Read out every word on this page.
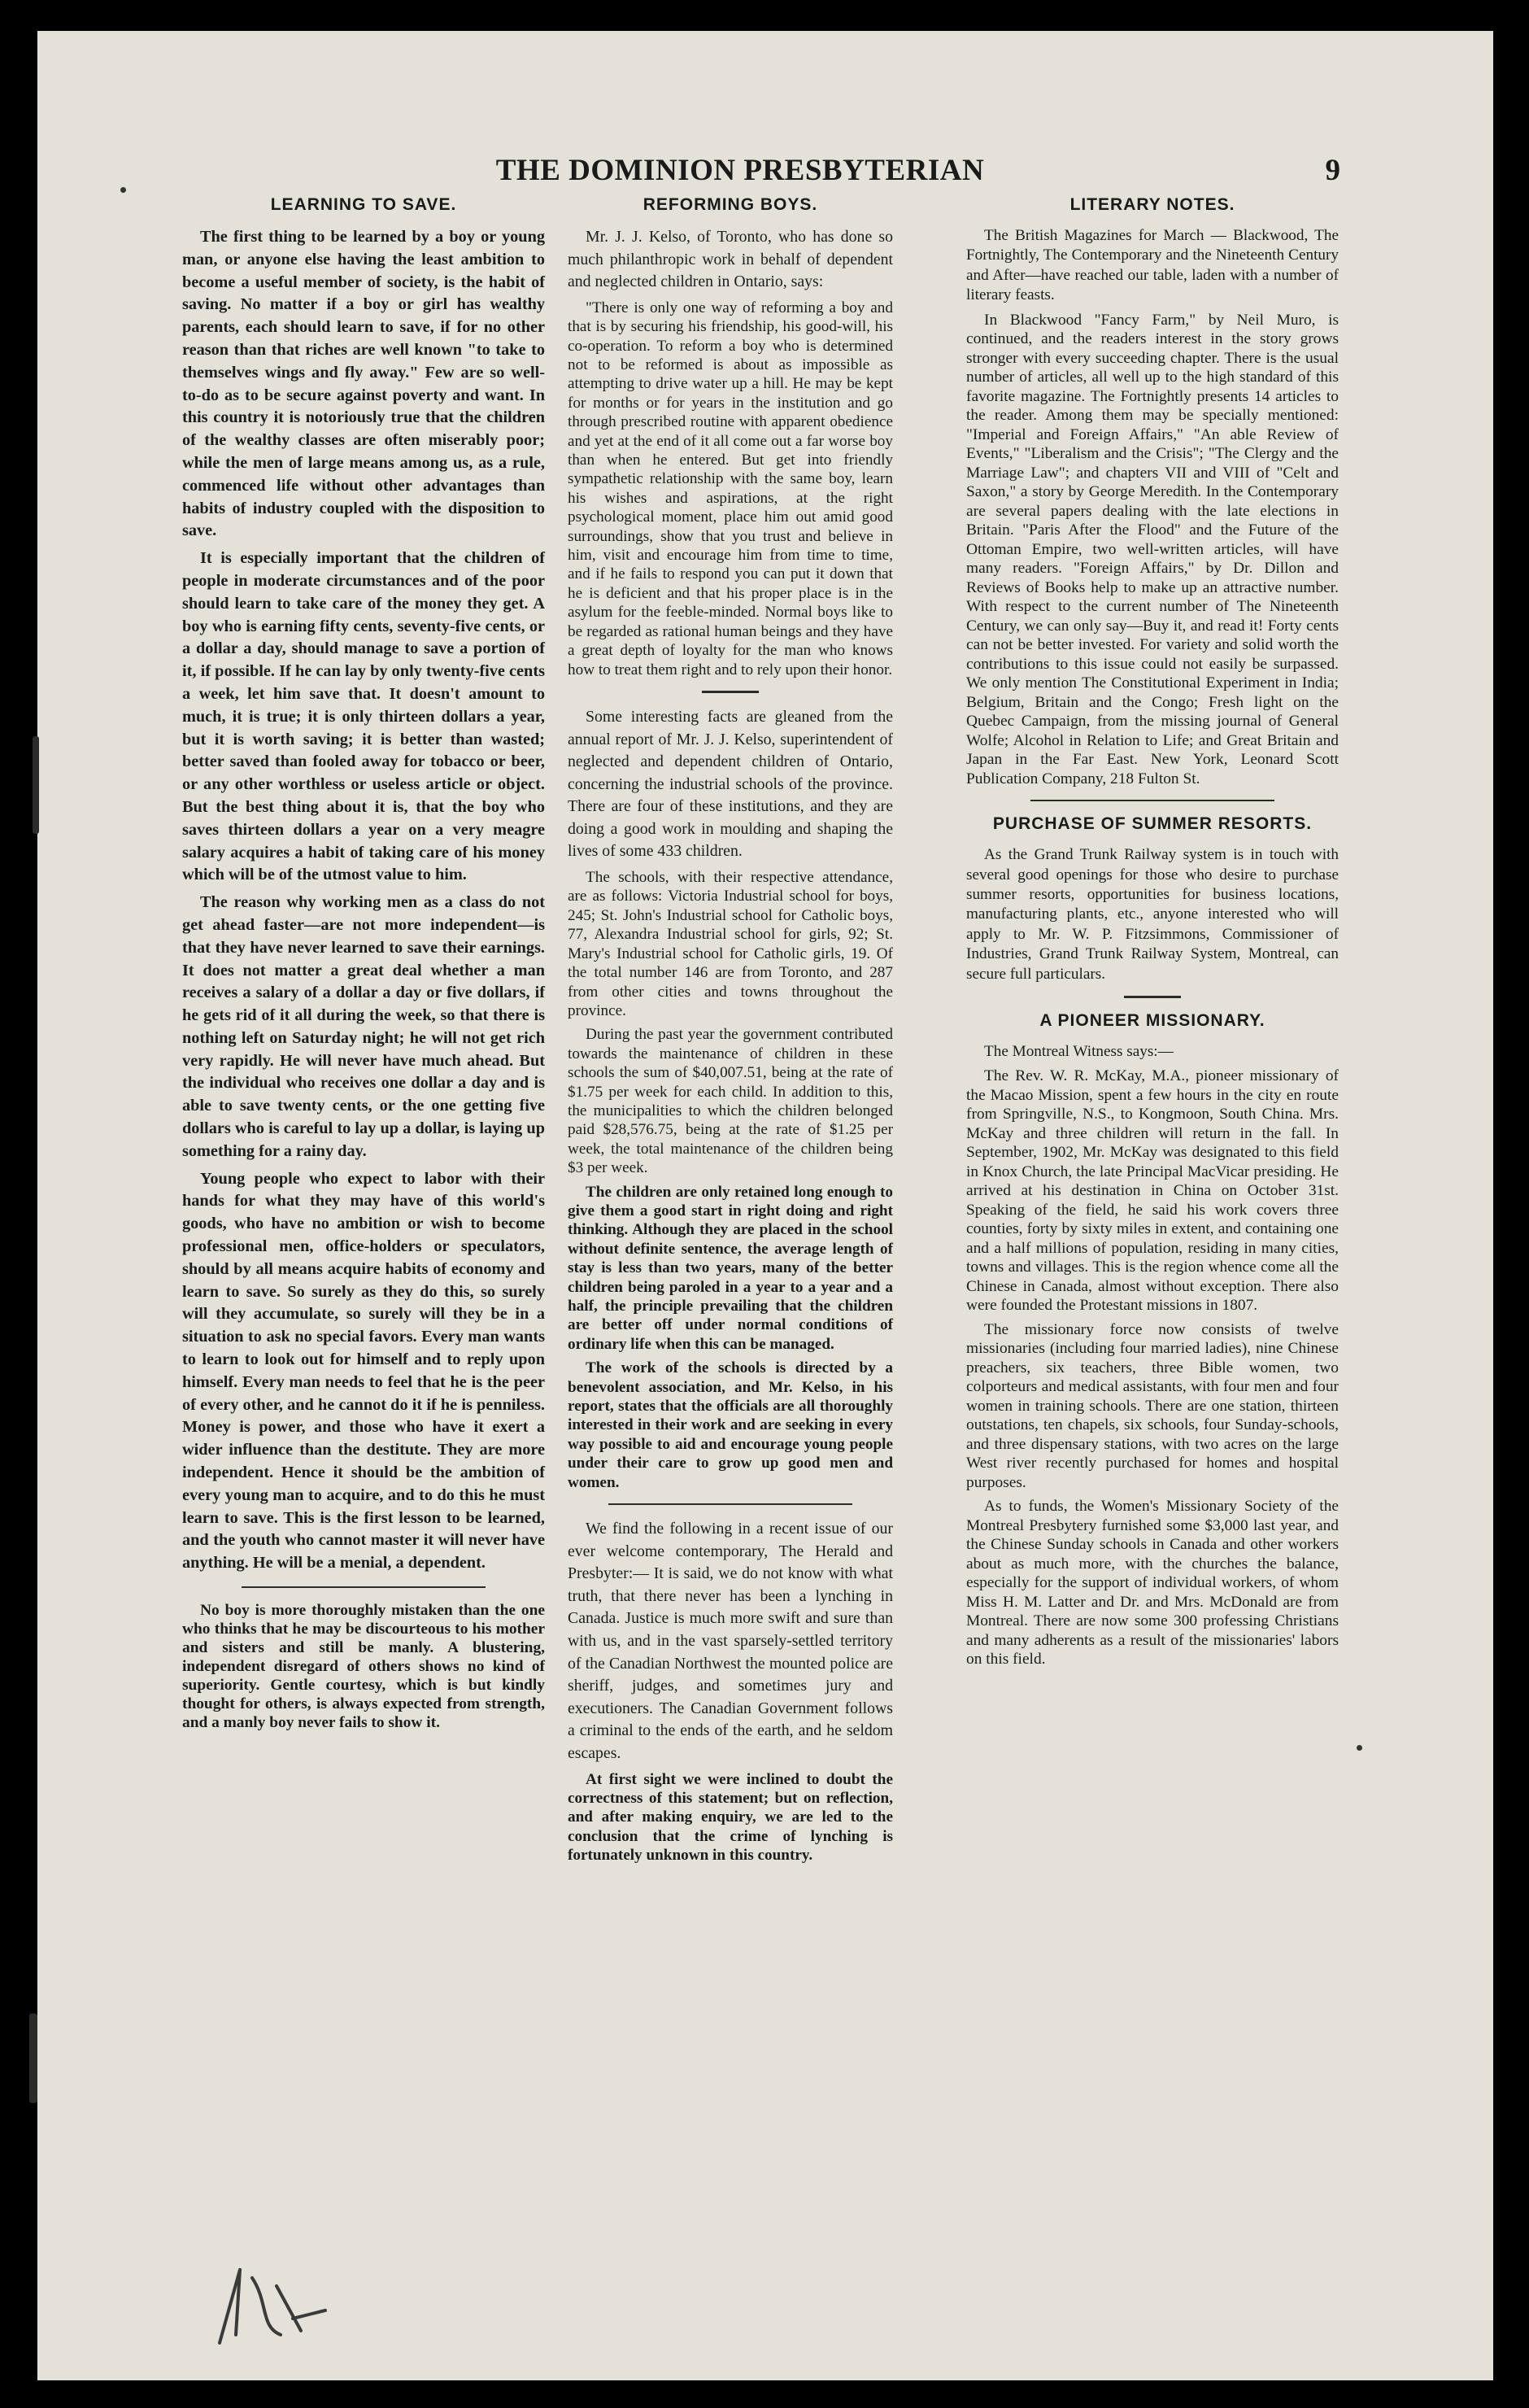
THE DOMINION PRESBYTERIAN	9
LEARNING TO SAVE.

The first thing to be learned by a boy or young man, or anyone else having the least ambition to become a useful member of society, is the habit of saving. No matter if a boy or girl has wealthy parents, each should learn to save, if for no other reason than that riches are well known "to take to themselves wings and fly away." Few are so well-to-do as to be secure against poverty and want. In this country it is notoriously true that the children of the wealthy classes are often miserably poor; while the men of large means among us, as a rule, commenced life without other advantages than habits of industry coupled with the disposition to save.

It is especially important that the children of people in moderate circumstances and of the poor should learn to take care of the money they get. A boy who is earning fifty cents, seventy-five cents, or a dollar a day, should manage to save a portion of it, if possible. If he can lay by only twenty-five cents a week, let him save that. It doesn't amount to much, it is true; it is only thirteen dollars a year, but it is worth saving; it is better than wasted; better saved than fooled away for tobacco or beer, or any other worthless or useless article or object. But the best thing about it is, that the boy who saves thirteen dollars a year on a very meagre salary acquires a habit of taking care of his money which will be of the utmost value to him.

The reason why working men as a class do not get ahead faster—are not more independent—is that they have never learned to save their earnings. It does not matter a great deal whether a man receives a salary of a dollar a day or five dollars, if he gets rid of it all during the week, so that there is nothing left on Saturday night; he will not get rich very rapidly. He will never have much ahead. But the individual who receives one dollar a day and is able to save twenty cents, or the one getting five dollars who is careful to lay up a dollar, is laying up something for a rainy day.

Young people who expect to labor with their hands for what they may have of this world's goods, who have no ambition or wish to become professional men, office-holders or speculators, should by all means acquire habits of economy and learn to save. So surely as they do this, so surely will they accumulate, so surely will they be in a situation to ask no special favors. Every man wants to learn to look out for himself and to reply upon himself. Every man needs to feel that he is the peer of every other, and he cannot do it if he is penniless. Money is power, and those who have it exert a wider influence than the destitute. They are more independent. Hence it should be the ambition of every young man to acquire, and to do this he must learn to save. This is the first lesson to be learned, and the youth who cannot master it will never have anything. He will be a menial, a dependent.

No boy is more thoroughly mistaken than the one who thinks that he may be discourteous to his mother and sisters and still be manly. A blustering, independent disregard of others shows no kind of superiority. Gentle courtesy, which is but kindly thought for others, is always expected from strength, and a manly boy never fails to show it.

REFORMING BOYS.

Mr. J. J. Kelso, of Toronto, who has done so much philanthropic work in behalf of dependent and neglected children in Ontario, says:

"There is only one way of reforming a boy and that is by securing his friendship, his good-will, his co-operation. To reform a boy who is determined not to be reformed is about as impossible as attempting to drive water up a hill. He may be kept for months or for years in the institution and go through prescribed routine with apparent obedience and yet at the end of it all come out a far worse boy than when he entered. But get into friendly sympathetic relationship with the same boy, learn his wishes and aspirations, at the right psychological moment, place him out amid good surroundings, show that you trust and believe in him, visit and encourage him from time to time, and if he fails to respond you can put it down that he is deficient and that his proper place is in the asylum for the feeble-minded. Normal boys like to be regarded as rational human beings and they have a great depth of loyalty for the man who knows how to treat them right and to rely upon their honor.

Some interesting facts are gleaned from the annual report of Mr. J. J. Kelso, superintendent of neglected and dependent children of Ontario, concerning the industrial schools of the province. There are four of these institutions, and they are doing a good work in moulding and shaping the lives of some 433 children.

The schools, with their respective attendance, are as follows: Victoria Industrial school for boys, 245; St. John's Industrial school for Catholic boys, 77, Alexandra Industrial school for girls, 92; St. Mary's Industrial school for Catholic girls, 19. Of the total number 146 are from Toronto, and 287 from other cities and towns throughout the province.

During the past year the government contributed towards the maintenance of children in these schools the sum of $40,007.51, being at the rate of $1.75 per week for each child. In addition to this, the municipalities to which the children belonged paid $28,576.75, being at the rate of $1.25 per week, the total maintenance of the children being $3 per week.

The children are only retained long enough to give them a good start in right doing and right thinking. Although they are placed in the school without definite sentence, the average length of stay is less than two years, many of the better children being paroled in a year to a year and a half, the principle prevailing that the children are better off under normal conditions of ordinary life when this can be managed.

The work of the schools is directed by a benevolent association, and Mr. Kelso, in his report, states that the officials are all thoroughly interested in their work and are seeking in every way possible to aid and encourage young people under their care to grow up good men and women.

We find the following in a recent issue of our ever welcome contemporary, The Herald and Presbyter:— It is said, we do not know with what truth, that there never has been a lynching in Canada. Justice is much more swift and sure than with us, and in the vast sparsely-settled territory of the Canadian Northwest the mounted police are sheriff, judges, and sometimes jury and executioners. The Canadian Government follows a criminal to the ends of the earth, and he seldom escapes.

At first sight we were inclined to doubt the correctness of this statement; but on reflection, and after making enquiry, we are led to the conclusion that the crime of lynching is fortunately unknown in this country.

LITERARY NOTES.

The British Magazines for March — Blackwood, The Fortnightly, The Contemporary and the Nineteenth Century and After—have reached our table, laden with a number of literary feasts.

In Blackwood "Fancy Farm," by Neil Muro, is continued, and the readers interest in the story grows stronger with every succeeding chapter. There is the usual number of articles, all well up to the high standard of this favorite magazine. The Fortnightly presents 14 articles to the reader. Among them may be specially mentioned: "Imperial and Foreign Affairs," "An able Review of Events," "Liberalism and the Crisis"; "The Clergy and the Marriage Law"; and chapters VII and VIII of "Celt and Saxon," a story by George Meredith. In the Contemporary are several papers dealing with the late elections in Britain. "Paris After the Flood" and the Future of the Ottoman Empire, two well-written articles, will have many readers. "Foreign Affairs," by Dr. Dillon and Reviews of Books help to make up an attractive number. With respect to the current number of The Nineteenth Century, we can only say—Buy it, and read it! Forty cents can not be better invested. For variety and solid worth the contributions to this issue could not easily be surpassed. We only mention The Constitutional Experiment in India; Belgium, Britain and the Congo; Fresh light on the Quebec Campaign, from the missing journal of General Wolfe; Alcohol in Relation to Life; and Great Britain and Japan in the Far East. New York, Leonard Scott Publication Company, 218 Fulton St.

PURCHASE OF SUMMER RESORTS.

As the Grand Trunk Railway system is in touch with several good openings for those who desire to purchase summer resorts, opportunities for business locations, manufacturing plants, etc., anyone interested who will apply to Mr. W. P. Fitzsimmons, Commissioner of Industries, Grand Trunk Railway System, Montreal, can secure full particulars.

A PIONEER MISSIONARY.

The Montreal Witness says:—

The Rev. W. R. McKay, M.A., pioneer missionary of the Macao Mission, spent a few hours in the city en route from Springville, N.S., to Kongmoon, South China. Mrs. McKay and three children will return in the fall. In September, 1902, Mr. McKay was designated to this field in Knox Church, the late Principal MacVicar presiding. He arrived at his destination in China on October 31st. Speaking of the field, he said his work covers three counties, forty by sixty miles in extent, and containing one and a half millions of population, residing in many cities, towns and villages. This is the region whence come all the Chinese in Canada, almost without exception. There also were founded the Protestant missions in 1807.

The missionary force now consists of twelve missionaries (including four married ladies), nine Chinese preachers, six teachers, three Bible women, two colporteurs and medical assistants, with four men and four women in training schools. There are one station, thirteen outstations, ten chapels, six schools, four Sunday-schools, and three dispensary stations, with two acres on the large West river recently purchased for homes and hospital purposes.

As to funds, the Women's Missionary Society of the Montreal Presbytery furnished some $3,000 last year, and the Chinese Sunday schools in Canada and other workers about as much more, with the churches the balance, especially for the support of individual workers, of whom Miss H. M. Latter and Dr. and Mrs. McDonald are from Montreal. There are now some 300 professing Christians and many adherents as a result of the missionaries' labors on this field.
